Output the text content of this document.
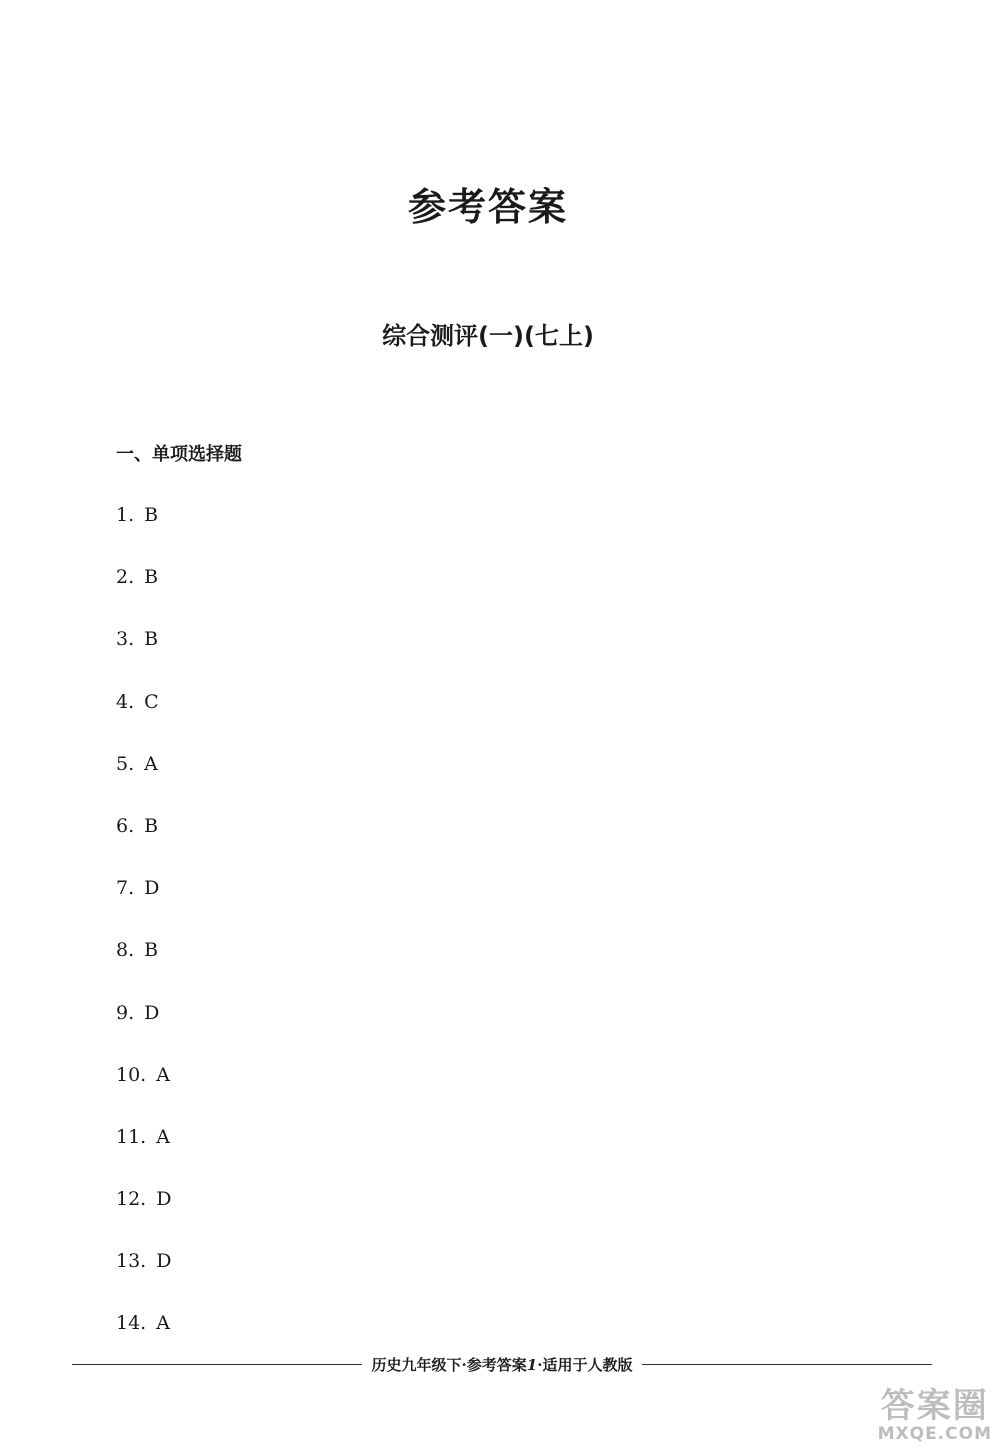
参考答案
综合测评(一)(七上)
一、单项选择题
1. B
2. B
3. B
4. C
5. A
6. B
7. D
8. B
9. D
10. A
11. A
12. D
13. D
14. A
历史九年级下·参考答案1·适用于人教版
答案圈
MXQE.COM
